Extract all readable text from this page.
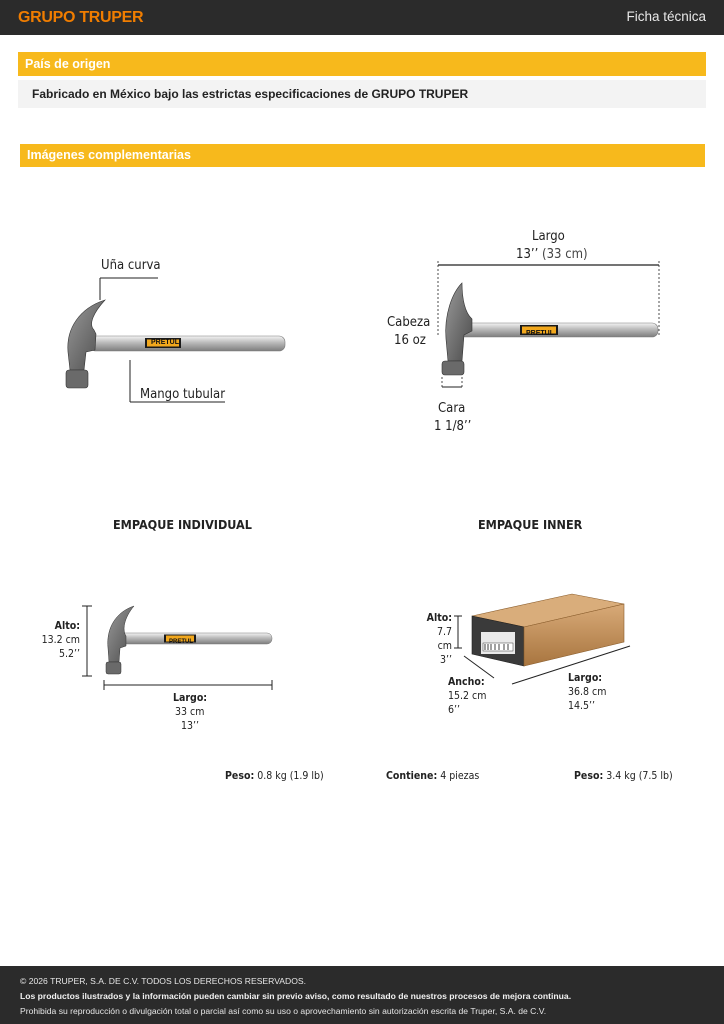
GRUPO TRUPER	Ficha técnica
País de origen
Fabricado en México bajo las estrictas especificaciones de GRUPO TRUPER
Imágenes complementarias
Uña curva
Mango tubular
PRETUL
PRETUL
Largo
13’’ (33 cm)
Cabeza
16 oz
Cara
1 1/8’’
EMPAQUE INDIVIDUAL	EMPAQUE INNER
PRETUL
Alto:
13.2 cm
5.2’’
Largo:
33 cm
13’’
Alto:
7.7 cm
3’’
Ancho:
15.2 cm
6’’
Largo:
36.8 cm
14.5’’
Peso: 0.8 kg (1.9 lb)	Contiene: 4 piezas	Peso: 3.4 kg (7.5 lb)
© 2026 TRUPER, S.A. DE C.V. TODOS LOS DERECHOS RESERVADOS.
Los productos ilustrados y la información pueden cambiar sin previo aviso, como resultado de nuestros procesos de mejora continua.
Prohibida su reproducción o divulgación total o parcial así como su uso o aprovechamiento sin autorización escrita de Truper, S.A. de C.V.
